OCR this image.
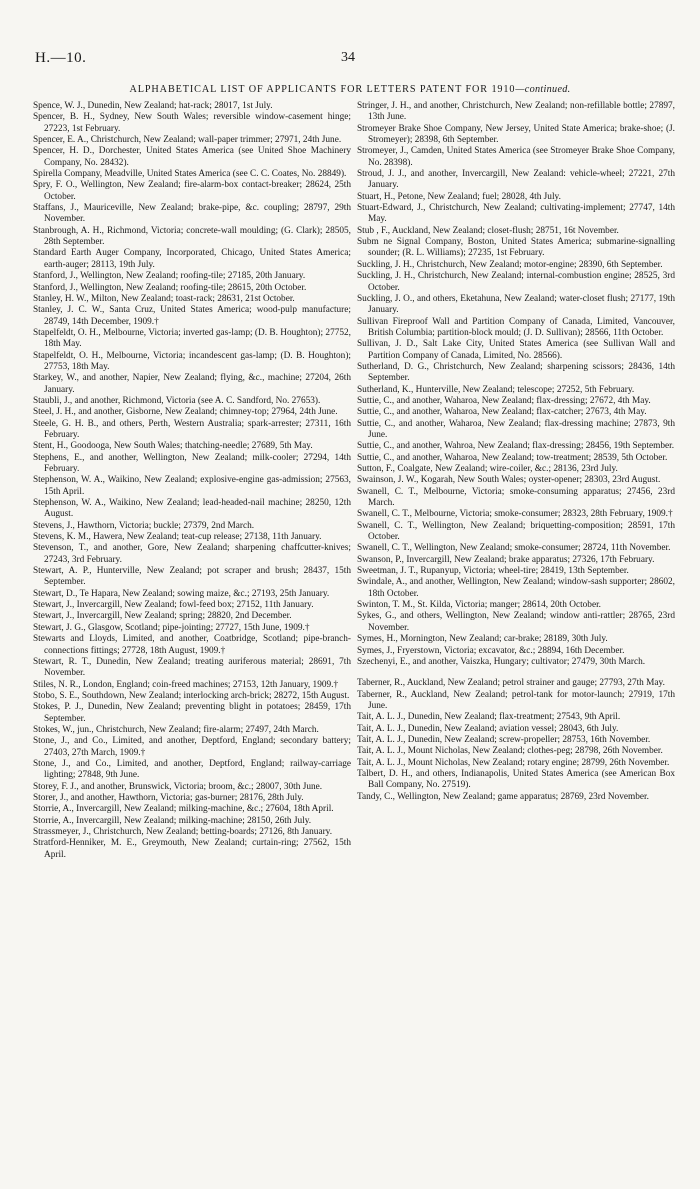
H.—10.	34
ALPHABETICAL LIST OF APPLICANTS FOR LETTERS PATENT FOR 1910—continued.

Spence, W. J., Dunedin, New Zealand; hat-rack; 28017, 1st July.

Spencer, B. H., Sydney, New South Wales; reversible window-casement hinge; 27223, 1st February.

Spencer, E. A., Christchurch, New Zealand; wall-paper trimmer; 27971, 24th June.

Spencer, H. D., Dorchester, United States America (see United Shoe Machinery Company, No. 28432).

Spirella Company, Meadville, United States America (see C. C. Coates, No. 28849).

Spry, F. O., Wellington, New Zealand; fire-alarm-box contact-breaker; 28624, 25th October.

Staffans, J., Mauriceville, New Zealand; brake-pipe, &c. coupling; 28797, 29th November.

Stanbrough, A. H., Richmond, Victoria; concrete-wall moulding; (G. Clark); 28505, 28th September.

Standard Earth Auger Company, Incorporated, Chicago, United States America; earth-auger; 28113, 19th July.

Stanford, J., Wellington, New Zealand; roofing-tile; 27185, 20th January.

Stanford, J., Wellington, New Zealand; roofing-tile; 28615, 20th October.

Stanley, H. W., Milton, New Zealand; toast-rack; 28631, 21st October.

Stanley, J. C. W., Santa Cruz, United States America; wood-pulp manufacture; 28749, 14th December, 1909.†

Stapelfeldt, O. H., Melbourne, Victoria; inverted gas-lamp; (D. B. Houghton); 27752, 18th May.

Stapelfeldt, O. H., Melbourne, Victoria; incandescent gas-lamp; (D. B. Houghton); 27753, 18th May.

Starkey, W., and another, Napier, New Zealand; flying, &c., machine; 27204, 26th January.

Staubli, J., and another, Richmond, Victoria (see A. C. Sandford, No. 27653).

Steel, J. H., and another, Gisborne, New Zealand; chimney-top; 27964, 24th June.

Steele, G. H. B., and others, Perth, Western Australia; spark-arrester; 27311, 16th February.

Stent, H., Goodooga, New South Wales; thatching-needle; 27689, 5th May.

Stephens, E., and another, Wellington, New Zealand; milk-cooler; 27294, 14th February.

Stephenson, W. A., Waikino, New Zealand; explosive-engine gas-admission; 27563, 15th April.

Stephenson, W. A., Waikino, New Zealand; lead-headed-nail machine; 28250, 12th August.

Stevens, J., Hawthorn, Victoria; buckle; 27379, 2nd March.

Stevens, K. M., Hawera, New Zealand; teat-cup release; 27138, 11th January.

Stevenson, T., and another, Gore, New Zealand; sharpening chaffcutter-knives; 27243, 3rd February.

Stewart, A. P., Hunterville, New Zealand; pot scraper and brush; 28437, 15th September.

Stewart, D., Te Hapara, New Zealand; sowing maize, &c.; 27193, 25th January.

Stewart, J., Invercargill, New Zealand; fowl-feed box; 27152, 11th January.

Stewart, J., Invercargill, New Zealand; spring; 28820, 2nd December.

Stewart, J. G., Glasgow, Scotland; pipe-jointing; 27727, 15th June, 1909.†

Stewarts and Lloyds, Limited, and another, Coatbridge, Scotland; pipe-branch-connections fittings; 27728, 18th August, 1909.†

Stewart, R. T., Dunedin, New Zealand; treating auriferous material; 28691, 7th November.

Stiles, N. R., London, England; coin-freed machines; 27153, 12th January, 1909.†

Stobo, S. E., Southdown, New Zealand; interlocking arch-brick; 28272, 15th August.

Stokes, P. J., Dunedin, New Zealand; preventing blight in potatoes; 28459, 17th September.

Stokes, W., jun., Christchurch, New Zealand; fire-alarm; 27497, 24th March.

Stone, J., and Co., Limited, and another, Deptford, England; secondary battery; 27403, 27th March, 1909.†

Stone, J., and Co., Limited, and another, Deptford, England; railway-carriage lighting; 27848, 9th June.

Storey, F. J., and another, Brunswick, Victoria; broom, &c.; 28007, 30th June.

Storer, J., and another, Hawthorn, Victoria; gas-burner; 28176, 28th July.

Storrie, A., Invercargill, New Zealand; milking-machine, &c.; 27604, 18th April.

Storrie, A., Invercargill, New Zealand; milking-machine; 28150, 26th July.

Strassmeyer, J., Christchurch, New Zealand; betting-boards; 27126, 8th January.

Stratford-Henniker, M. E., Greymouth, New Zealand; curtain-ring; 27562, 15th April.

Stringer, J. H., and another, Christchurch, New Zealand; non-refillable bottle; 27897, 13th June.

Stromeyer Brake Shoe Company, New Jersey, United State America; brake-shoe; (J. Stromeyer); 28398, 6th September.

Stromeyer, J., Camden, United States America (see Stromeyer Brake Shoe Company, No. 28398).

Stroud, J. J., and another, Invercargill, New Zealand: vehicle-wheel; 27221, 27th January.

Stuart, H., Petone, New Zealand; fuel; 28028, 4th July.

Stuart-Edward, J., Christchurch, New Zealand; cultivating-implement; 27747, 14th May.

Stub , F., Auckland, New Zealand; closet-flush; 28751, 16t November.

Subm ne Signal Company, Boston, United States America; submarine-signalling sounder; (R. L. Williams); 27235, 1st February.

Suckling, J. H., Christchurch, New Zealand; motor-engine; 28390, 6th September.

Suckling, J. H., Christchurch, New Zealand; internal-combustion engine; 28525, 3rd October.

Suckling, J. O., and others, Eketahuna, New Zealand; water-closet flush; 27177, 19th January.

Sullivan Fireproof Wall and Partition Company of Canada, Limited, Vancouver, British Columbia; partition-block mould; (J. D. Sullivan); 28566, 11th October.

Sullivan, J. D., Salt Lake City, United States America (see Sullivan Wall and Partition Company of Canada, Limited, No. 28566).

Sutherland, D. G., Christchurch, New Zealand; sharpening scissors; 28436, 14th September.

Sutherland, K., Hunterville, New Zealand; telescope; 27252, 5th February.

Suttie, C., and another, Waharoa, New Zealand; flax-dressing; 27672, 4th May.

Suttie, C., and another, Waharoa, New Zealand; flax-catcher; 27673, 4th May.

Suttie, C., and another, Waharoa, New Zealand; flax-dressing machine; 27873, 9th June.

Suttie, C., and another, Wahroa, New Zealand; flax-dressing; 28456, 19th September.

Suttie, C., and another, Waharoa, New Zealand; tow-treatment; 28539, 5th October.

Sutton, F., Coalgate, New Zealand; wire-coiler, &c.; 28136, 23rd July.

Swainson, J. W., Kogarah, New South Wales; oyster-opener; 28303, 23rd August.

Swanell, C. T., Melbourne, Victoria; smoke-consuming apparatus; 27456, 23rd March.

Swanell, C. T., Melbourne, Victoria; smoke-consumer; 28323, 28th February, 1909.†

Swanell, C. T., Wellington, New Zealand; briquetting-composition; 28591, 17th October.

Swanell, C. T., Wellington, New Zealand; smoke-consumer; 28724, 11th November.

Swanson, P., Invercargill, New Zealand; brake apparatus; 27326, 17th February.

Sweetman, J. T., Rupanyup, Victoria; wheel-tire; 28419, 13th September.

Swindale, A., and another, Wellington, New Zealand; window-sash supporter; 28602, 18th October.

Swinton, T. M., St. Kilda, Victoria; manger; 28614, 20th October.

Sykes, G., and others, Wellington, New Zealand; window anti-rattler; 28765, 23rd November.

Symes, H., Mornington, New Zealand; car-brake; 28189, 30th July.

Symes, J., Fryerstown, Victoria; excavator, &c.; 28894, 16th December.

Szechenyi, E., and another, Vaiszka, Hungary; cultivator; 27479, 30th March.

Taberner, R., Auckland, New Zealand; petrol strainer and gauge; 27793, 27th May.

Taberner, R., Auckland, New Zealand; petrol-tank for motor-launch; 27919, 17th June.

Tait, A. L. J., Dunedin, New Zealand; flax-treatment; 27543, 9th April.

Tait, A. L. J., Dunedin, New Zealand; aviation vessel; 28043, 6th July.

Tait, A. L. J., Dunedin, New Zealand; screw-propeller; 28753, 16th November.

Tait, A. L. J., Mount Nicholas, New Zealand; clothes-peg; 28798, 26th November.

Tait, A. L. J., Mount Nicholas, New Zealand; rotary engine; 28799, 26th November.

Talbert, D. H., and others, Indianapolis, United States America (see American Box Ball Company, No. 27519).

Tandy, C., Wellington, New Zealand; game apparatus; 28769, 23rd November.
